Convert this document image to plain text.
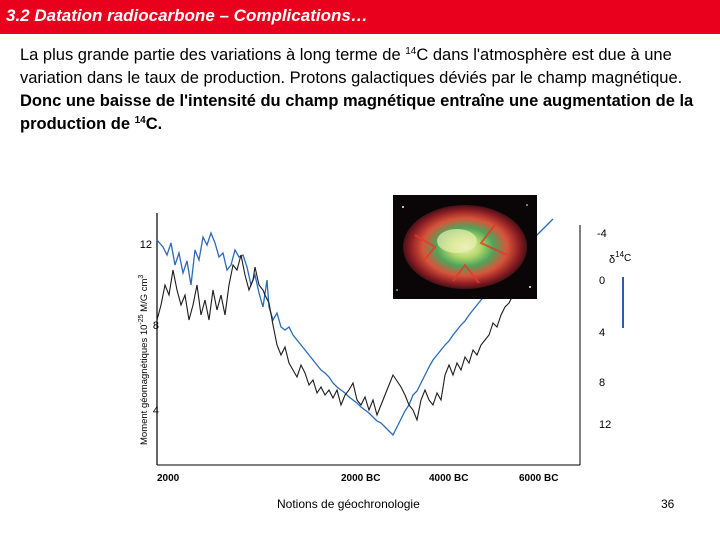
3.2 Datation radiocarbone – Complications…

La plus grande partie des variations à long terme de $^{14}$C dans l'atmosphère est due à une variation dans le taux de production. Protons galactiques déviés par le champ magnétique.

Donc une baisse de l'intensité du champ magnétique entraîne une augmentation de la production de $^{14}$C.

Moment géomagnétiques $10^{-25}$ M/G $cm^3$
12
8
4
-4
0
4
8
12
$\delta^{14}C$
2000	2000 BC	4000 BC	6000 BC
Notions de géochronologie	36
